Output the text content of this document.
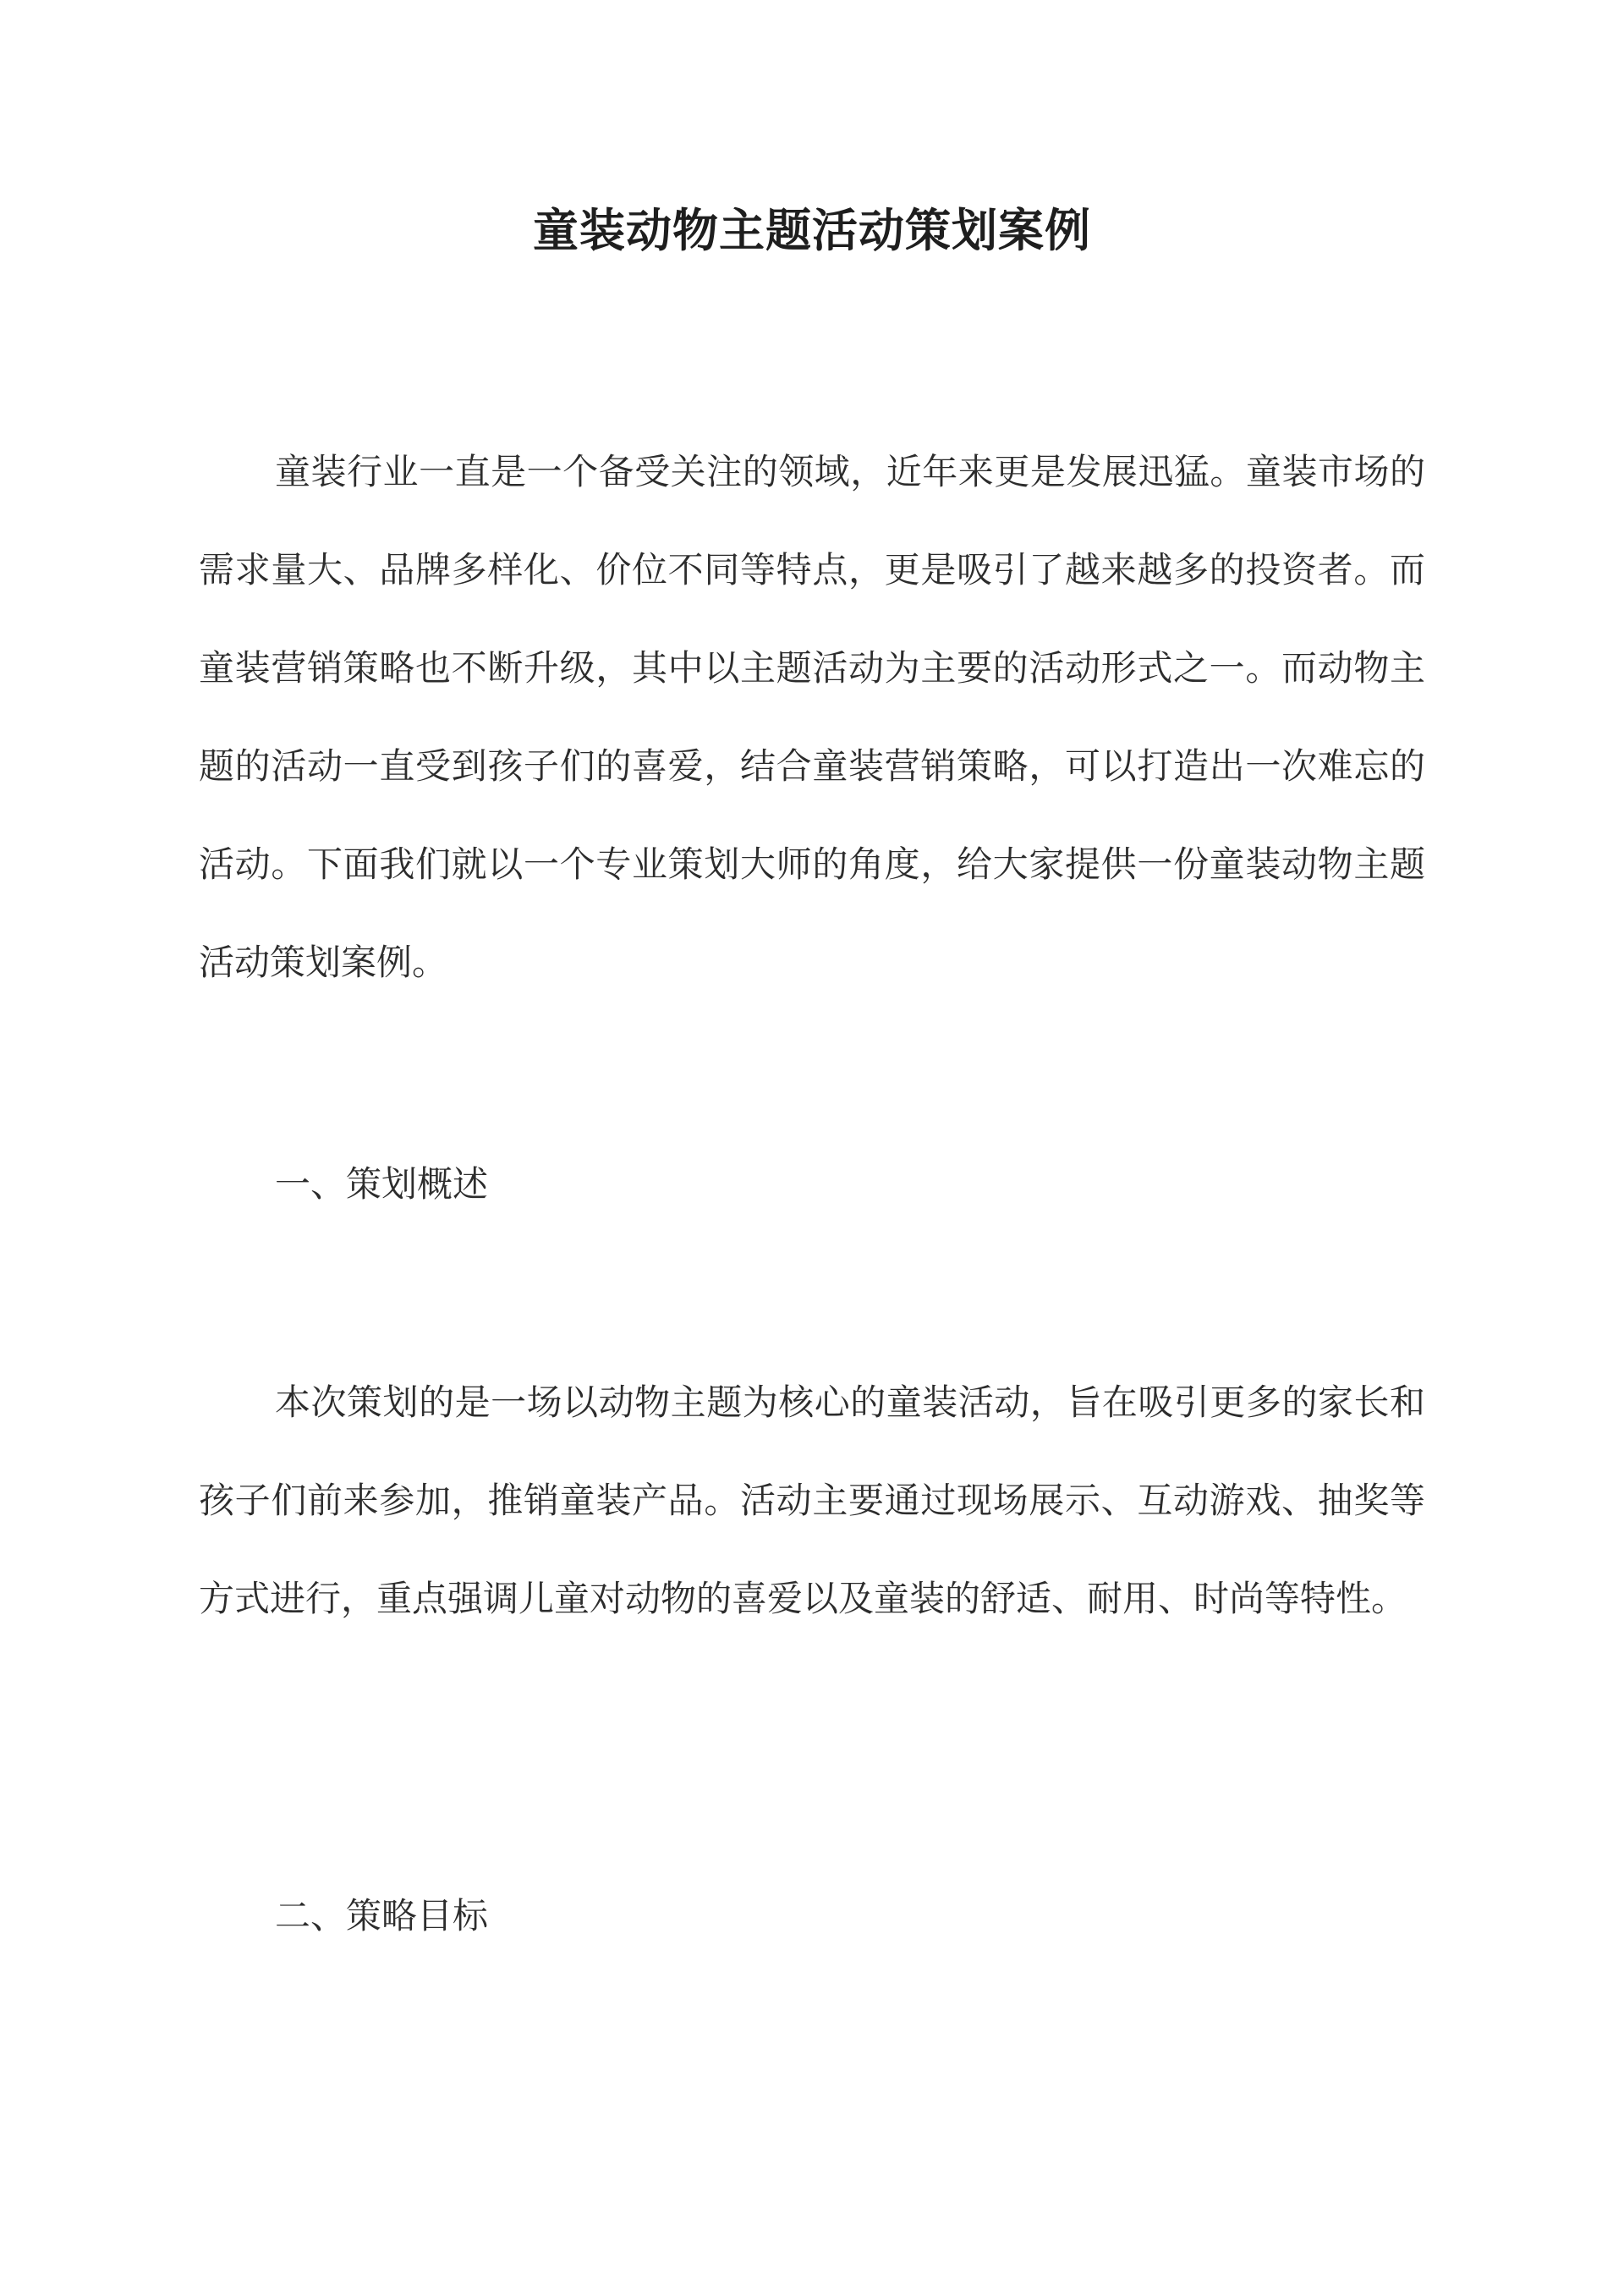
童装动物主题活动策划案例

童装行业一直是一个备受关注的领域，近年来更是发展迅猛。童装市场的需求量大、品牌多样化、价位不同等特点，更是吸引了越来越多的投资者。而童装营销策略也不断升级，其中以主题活动为主要的活动形式之一。而动物主题的活动一直受到孩子们的喜爱，结合童装营销策略，可以打造出一次难忘的活动。下面我们就以一个专业策划大师的角度，给大家提供一份童装动物主题活动策划案例。

一、策划概述

本次策划的是一场以动物主题为核心的童装活动，旨在吸引更多的家长和孩子们前来参加，推销童装产品。活动主要通过现场展示、互动游戏、抽奖等方式进行，重点强调儿童对动物的喜爱以及童装的舒适、耐用、时尚等特性。

二、策略目标
